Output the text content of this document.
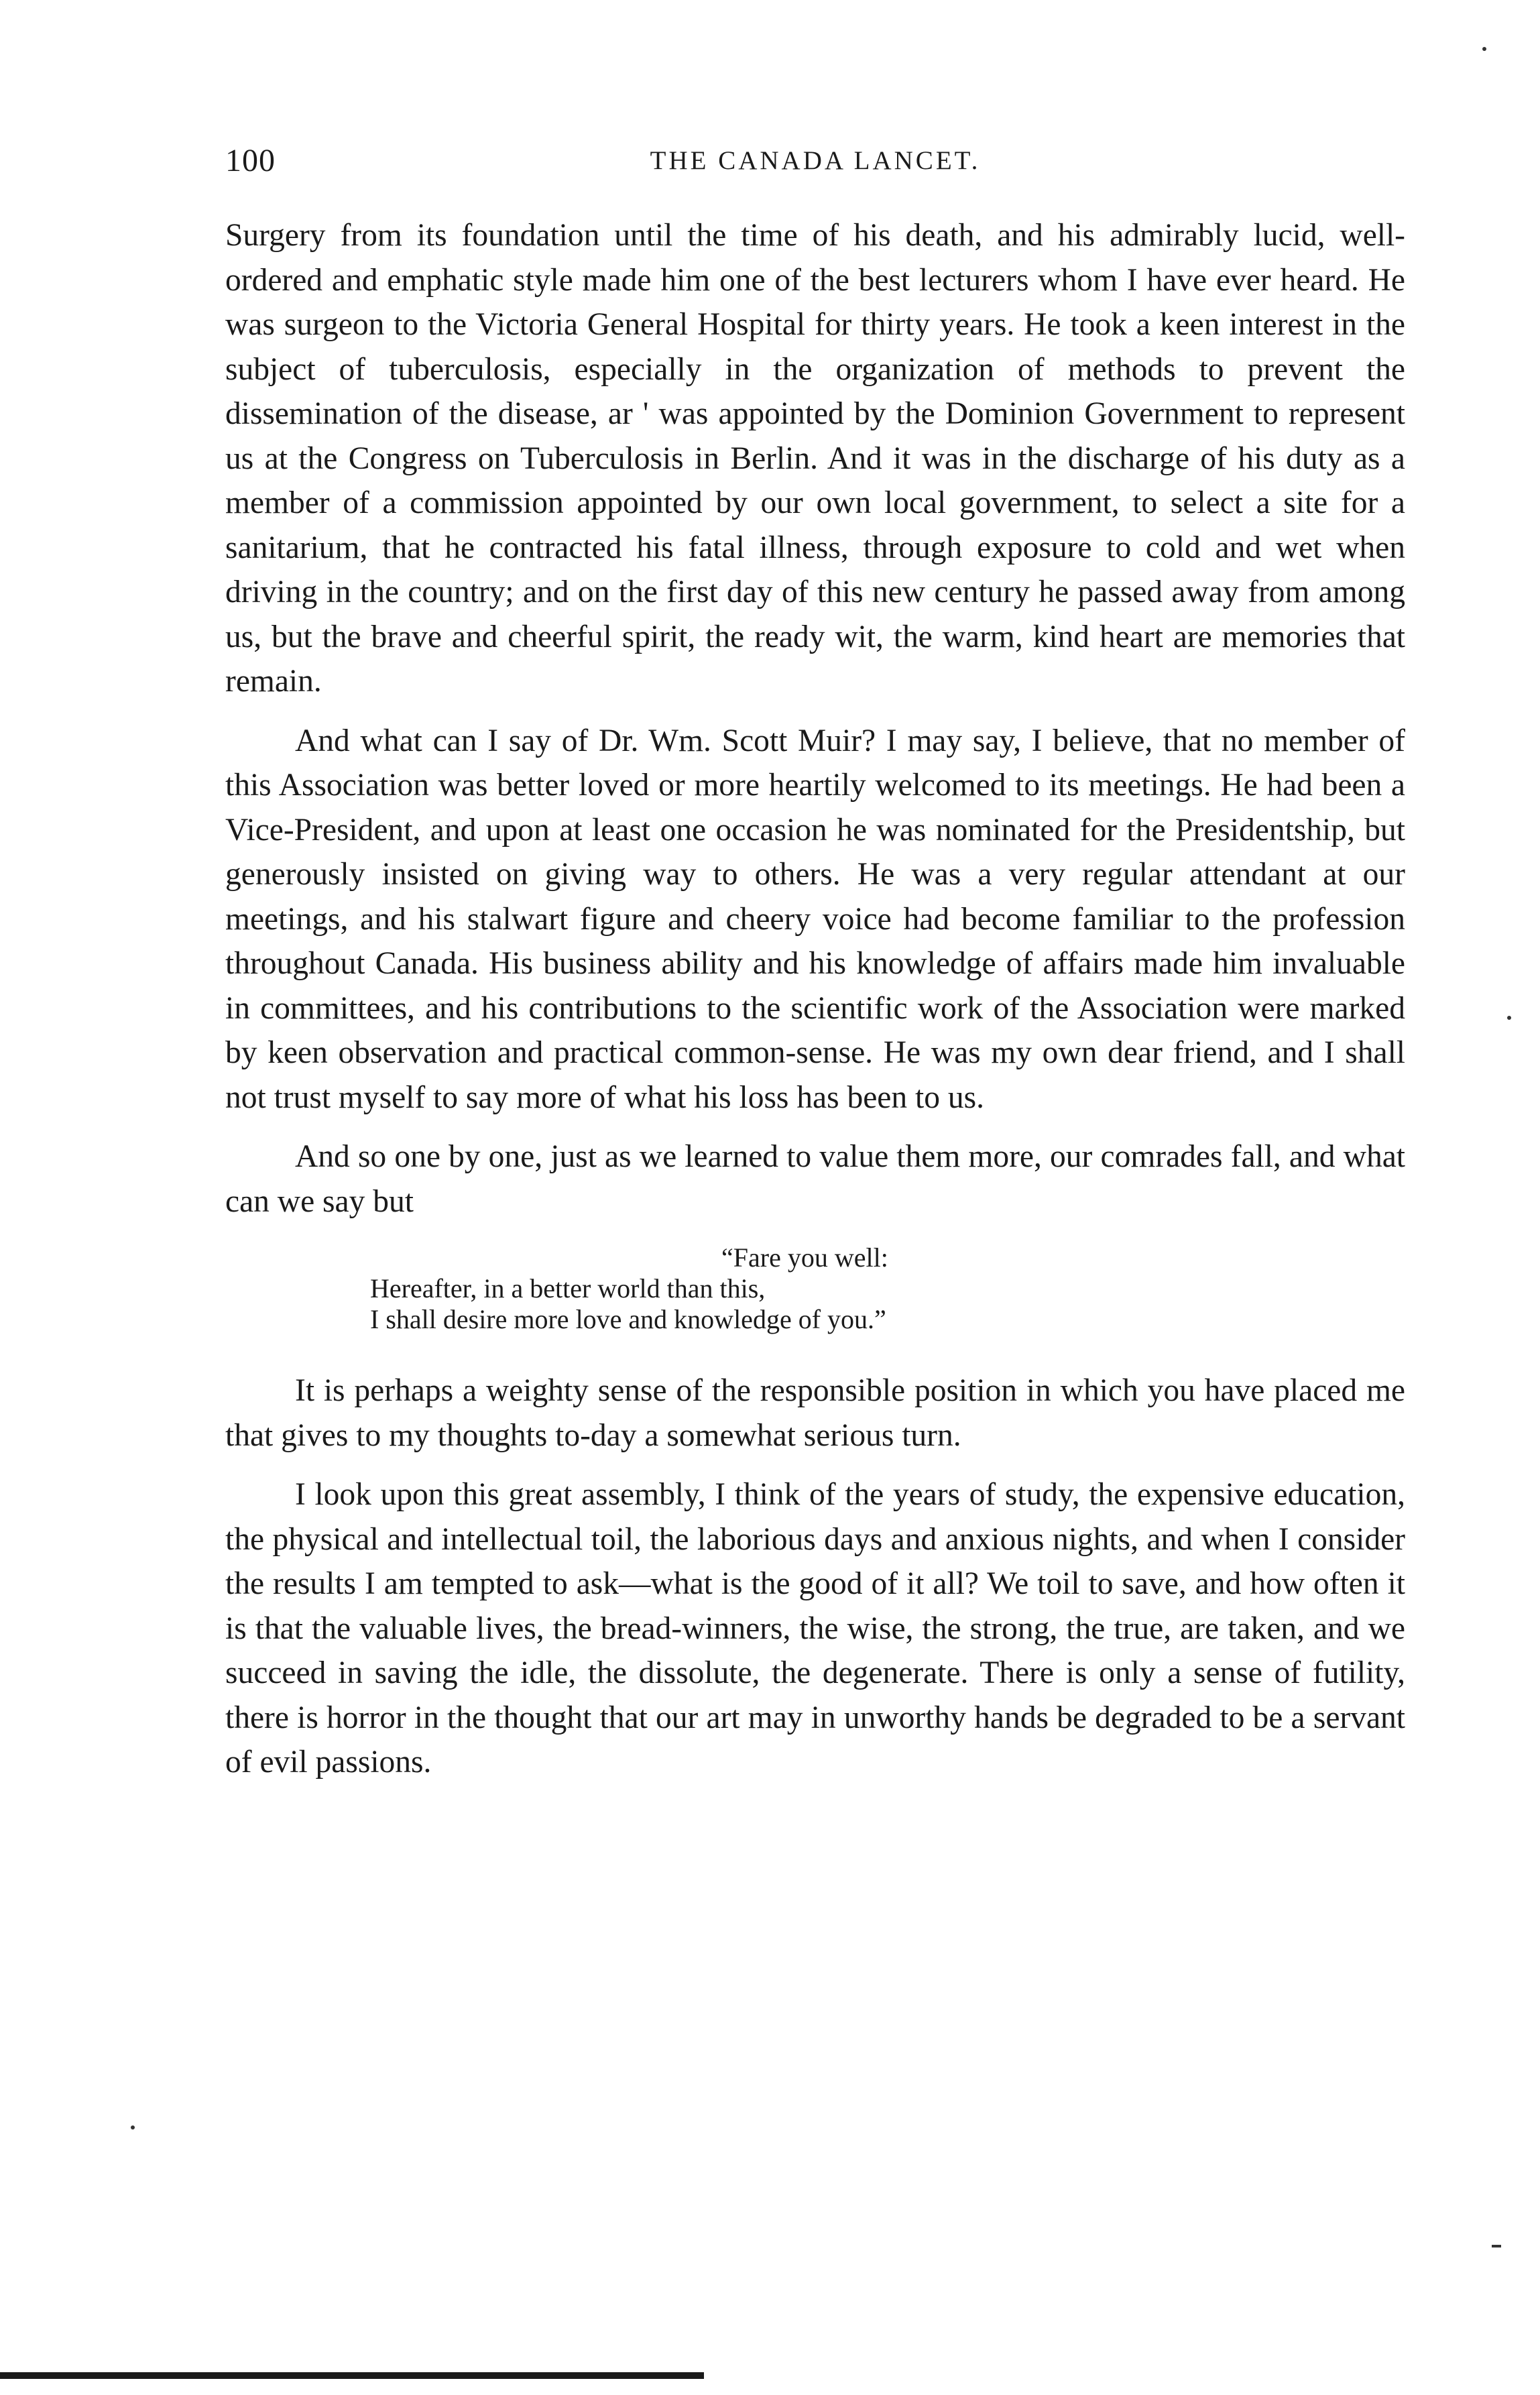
100	THE CANADA LANCET.

Surgery from its foundation until the time of his death, and his admirably lucid, well-ordered and emphatic style made him one of the best lecturers whom I have ever heard. He was surgeon to the Victoria General Hospital for thirty years. He took a keen interest in the subject of tuberculosis, especially in the organization of methods to prevent the dissemination of the disease, ar ' was appointed by the Dominion Government to represent us at the Congress on Tuberculosis in Berlin. And it was in the discharge of his duty as a member of a commission appointed by our own local government, to select a site for a sanitarium, that he contracted his fatal illness, through exposure to cold and wet when driving in the country; and on the first day of this new century he passed away from among us, but the brave and cheerful spirit, the ready wit, the warm, kind heart are memories that remain.

And what can I say of Dr. Wm. Scott Muir? I may say, I believe, that no member of this Association was better loved or more heartily welcomed to its meetings. He had been a Vice-President, and upon at least one occasion he was nominated for the Presidentship, but generously insisted on giving way to others. He was a very regular attendant at our meetings, and his stalwart figure and cheery voice had become familiar to the profession throughout Canada. His business ability and his knowledge of affairs made him invaluable in committees, and his contributions to the scientific work of the Association were marked by keen observation and practical common-sense. He was my own dear friend, and I shall not trust myself to say more of what his loss has been to us.

And so one by one, just as we learned to value them more, our comrades fall, and what can we say but

“Fare you well:
Hereafter, in a better world than this,
I shall desire more love and knowledge of you.”

It is perhaps a weighty sense of the responsible position in which you have placed me that gives to my thoughts to-day a somewhat serious turn.

I look upon this great assembly, I think of the years of study, the expensive education, the physical and intellectual toil, the laborious days and anxious nights, and when I consider the results I am tempted to ask—what is the good of it all? We toil to save, and how often it is that the valuable lives, the bread-winners, the wise, the strong, the true, are taken, and we succeed in saving the idle, the dissolute, the degenerate. There is only a sense of futility, there is horror in the thought that our art may in unworthy hands be degraded to be a servant of evil passions.
